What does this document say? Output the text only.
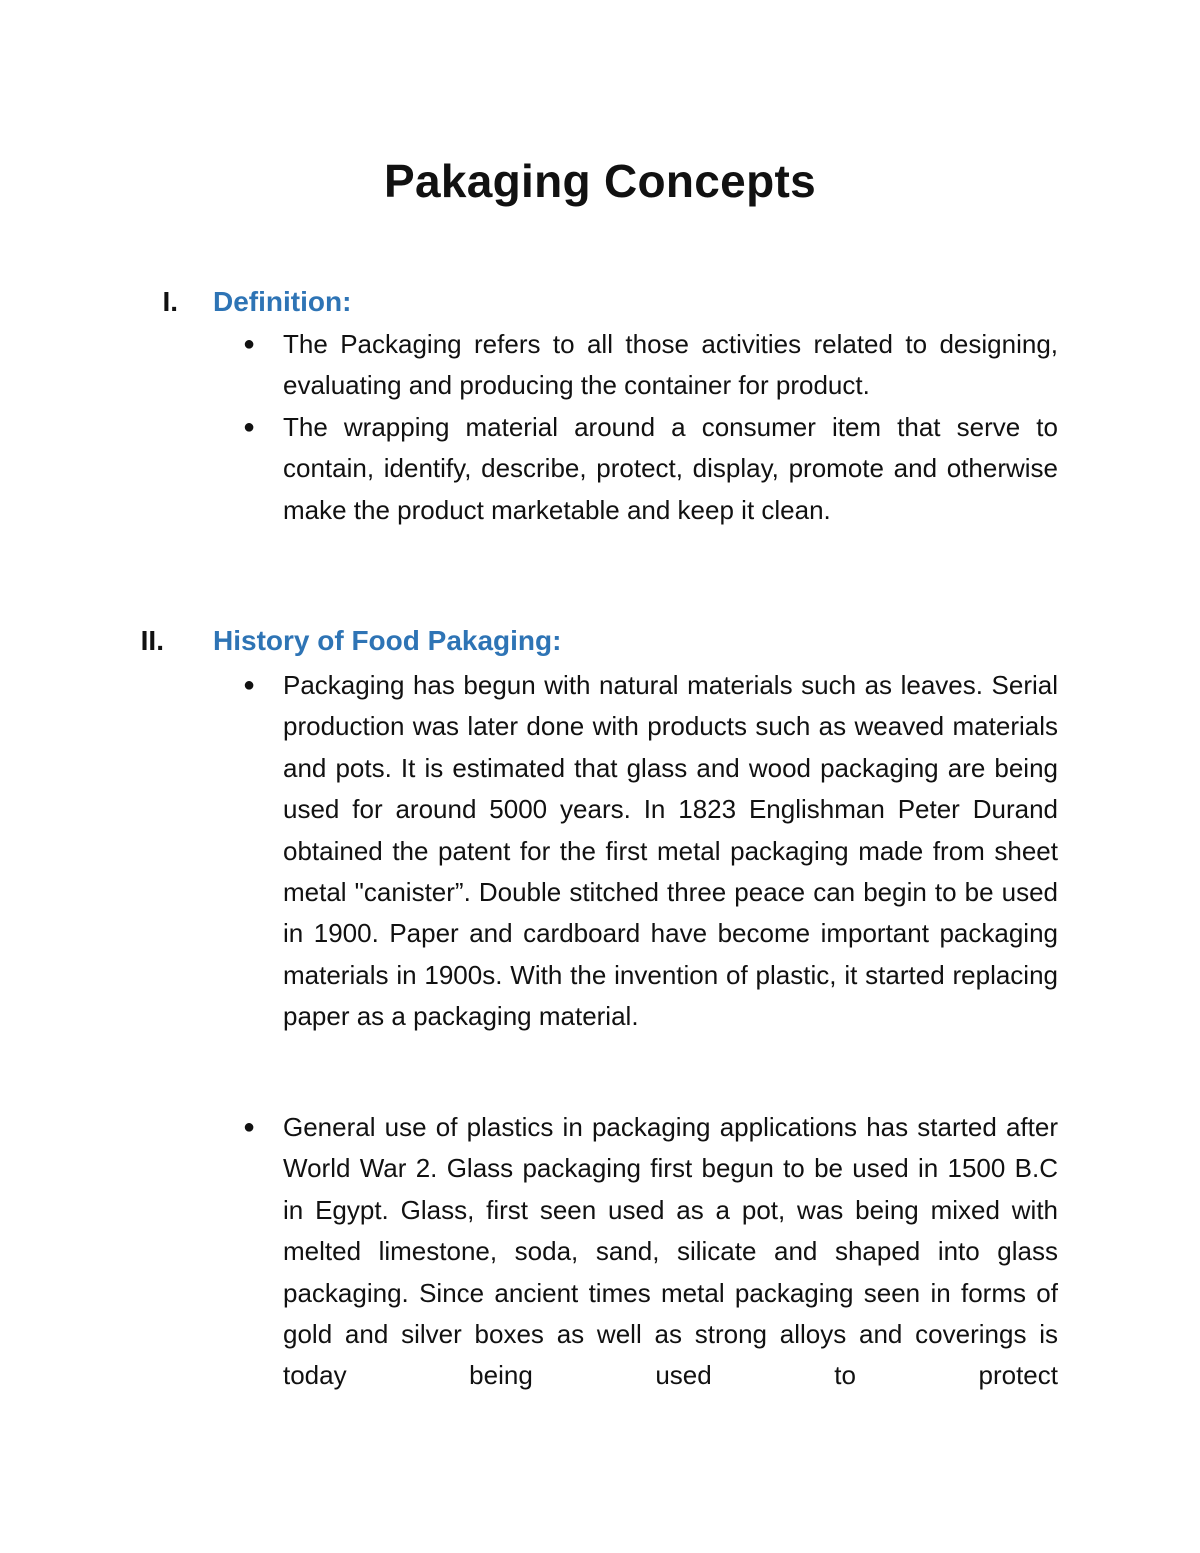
Pakaging Concepts
I. Definition:
●	The Packaging refers to all those activities related to designing, evaluating and producing the container for product.
●	The wrapping material around a consumer item that serve to contain, identify, describe, protect, display, promote and otherwise make the product marketable and keep it clean.
II. History of Food Pakaging:
●	Packaging has begun with natural materials such as leaves. Serial production was later done with products such as weaved materials and pots. It is estimated that glass and wood packaging are being used for around 5000 years. In 1823 Englishman Peter Durand obtained the patent for the first metal packaging made from sheet metal "canister”. Double stitched three peace can begin to be used in 1900. Paper and cardboard have become important packaging materials in 1900s. With the invention of plastic, it started replacing paper as a packaging material.
●	General use of plastics in packaging applications has started after World War 2. Glass packaging first begun to be used in 1500 B.C in Egypt. Glass, first seen used as a pot, was being mixed with melted limestone, soda, sand, silicate and shaped into glass packaging. Since ancient times metal packaging seen in forms of gold and silver boxes as well as strong alloys and coverings is today being used to protect
